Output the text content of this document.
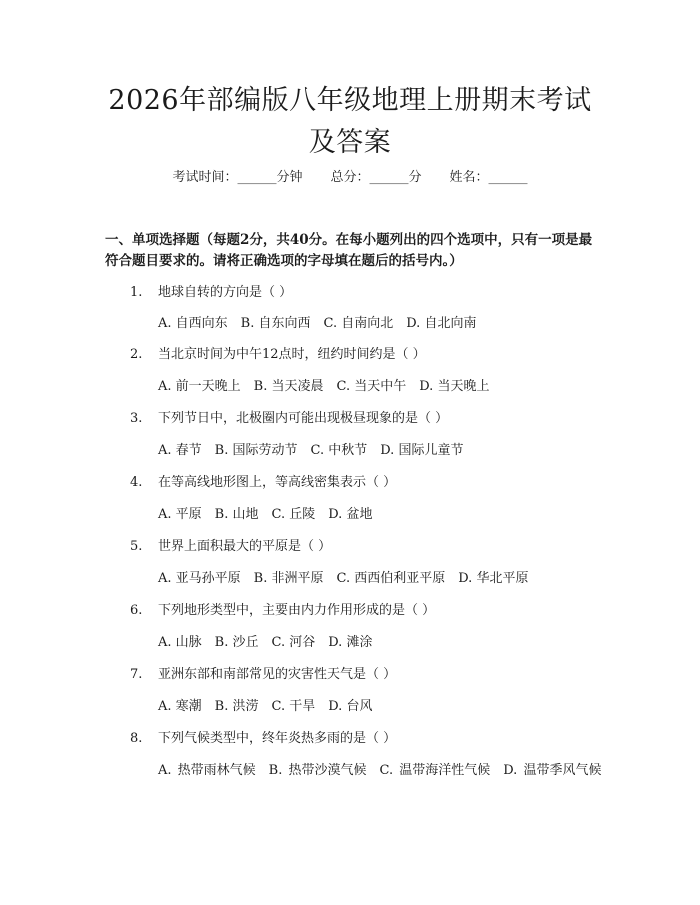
2026年部编版八年级地理上册期末考试及答案
考试时间：______分钟 总分：______分 姓名：______
一、单项选择题（每题2分，共40分。在每小题列出的四个选项中，只有一项是最符合题目要求的。请将正确选项的字母填在题后的括号内。）
1. 地球自转的方向是（ ）
A. 自西向东　B. 自东向西　C. 自南向北　D. 自北向南
2. 当北京时间为中午12点时，纽约时间约是（ ）
A. 前一天晚上　B. 当天凌晨　C. 当天中午　D. 当天晚上
3. 下列节日中，北极圈内可能出现极昼现象的是（ ）
A. 春节　B. 国际劳动节　C. 中秋节　D. 国际儿童节
4. 在等高线地形图上，等高线密集表示（ ）
A. 平原　B. 山地　C. 丘陵　D. 盆地
5. 世界上面积最大的平原是（ ）
A. 亚马孙平原　B. 非洲平原　C. 西西伯利亚平原　D. 华北平原
6. 下列地形类型中，主要由内力作用形成的是（ ）
A. 山脉　B. 沙丘　C. 河谷　D. 滩涂
7. 亚洲东部和南部常见的灾害性天气是（ ）
A. 寒潮　B. 洪涝　C. 干旱　D. 台风
8. 下列气候类型中，终年炎热多雨的是（ ）
A. 热带雨林气候　B. 热带沙漠气候　C. 温带海洋性气候　D. 温带季风气候
